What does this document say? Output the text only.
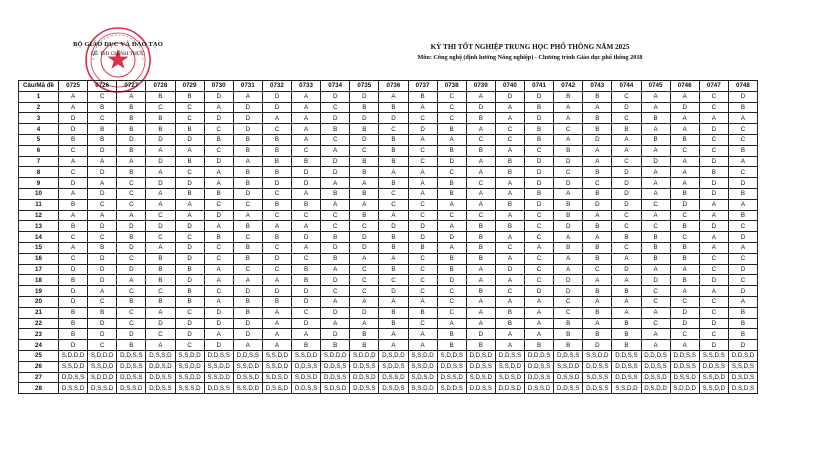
BỘ GIÁO DỤC VÀ ĐÀO TẠO
ĐỀ THI CHÍNH THỨC
KỲ THI TỐT NGHIỆP TRUNG HỌC PHỔ THÔNG NĂM 2025
Môn: Công nghệ (định hướng Nông nghiệp) - Chương trình Giáo dục phổ thông 2018
Câu/Mã đề	0725	0726	0727	0728	0729	0730	0731	0732	0733	0734	0735	0736	0737	0738	0739	0740	0741	0742	0743	0744	0745	0746	0747	0748
1	A	C	A	B	B	D	A	D	A	D	D	A	B	C	A	D	D	B	B	C	A	A	C	D
2	A	B	B	C	C	A	D	D	A	C	B	B	A	C	D	A	B	A	A	D	A	D	C	B
3	D	C	B	B	C	D	D	A	A	D	D	D	C	C	B	A	D	A	B	C	B	A	A	A
4	D	B	B	B	B	C	D	C	A	B	B	C	D	B	A	C	B	C	B	B	A	A	D	C
5	B	B	D	D	D	B	B	B	A	C	D	B	A	A	C	C	B	A	D	A	B	B	C	C
6	C	D	B	A	A	C	B	B	C	A	C	B	C	B	B	A	C	B	A	A	A	C	C	B
7	A	A	A	D	B	D	A	B	B	D	B	B	C	D	A	B	D	D	A	C	D	A	D	A
8	C	D	B	A	C	A	B	B	D	D	B	A	A	C	A	B	D	C	B	D	A	A	B	C
9	D	A	C	D	D	A	B	D	D	A	A	B	A	B	C	A	D	D	C	D	A	A	D	D
10	A	D	C	A	B	B	D	C	A	B	B	C	A	B	A	A	B	A	B	D	A	B	D	B
11	B	C	C	A	A	C	C	B	B	A	A	C	C	A	A	B	D	B	D	D	C	D	A	A
12	A	A	A	C	A	D	A	C	C	C	B	A	C	C	C	A	C	B	A	C	A	C	A	B
13	B	D	D	D	D	A	B	A	A	C	C	D	D	A	B	B	C	D	B	C	C	B	D	C
14	C	C	B	C	C	B	C	B	D	B	D	B	D	D	B	A	C	A	A	B	B	C	A	D
15	A	B	D	A	D	C	B	C	A	D	D	B	B	A	B	C	A	B	B	C	B	B	A	A
16	C	D	C	B	D	C	B	D	C	B	A	A	C	B	B	A	C	A	B	A	B	B	C	C
17	D	D	D	B	B	A	C	C	B	A	C	B	C	B	A	D	C	A	C	D	A	A	C	D
18	B	D	A	B	D	A	A	A	B	D	C	C	C	D	A	A	C	D	A	A	D	B	D	C
19	D	A	C	C	B	C	D	D	D	C	C	D	C	C	B	C	D	D	B	B	C	A	A	D
20	D	C	B	B	B	A	B	B	D	A	A	A	A	C	A	A	A	C	A	A	C	C	C	A
21	B	B	C	A	C	D	B	A	C	D	D	B	B	C	A	B	A	C	B	A	A	D	C	B
22	B	D	C	D	D	D	D	A	D	A	A	B	C	A	A	B	A	B	A	B	C	D	D	B
23	B	D	D	C	D	A	D	A	A	D	B	A	A	B	D	A	A	B	B	B	A	C	C	B
24	D	C	B	A	C	D	A	A	B	B	B	A	A	B	B	A	B	B	D	B	A	A	D	D
25	S,D,D,D	S,D,D,D	D,D,S,S	D,S,S,D	S,S,D,D	D,D,S,S	D,D,S,S	S,S,D,D	S,S,D,D	S,D,D,D	S,D,D,D	D,S,D,D	S,S,D,D	S,D,D,S	D,D,S,D	D,D,S,S	D,D,D,S	D,D,S,S	S,S,D,D	D,D,S,S	D,D,D,S	D,D,S,S	S,S,D,S	D,D,S,D
26	S,S,D,D	S,S,D,D	D,D,S,S	D,D,S,D	S,S,D,D	S,S,D,D	S,S,D,D	S,S,D,D	D,D,S,S	D,D,S,S	D,D,S,S	S,D,D,S	S,S,D,D	D,D,S,S	D,D,S,S	S,S,D,D	D,D,S,S	S,S,D,D	D,D,S,S	D,D,S,S	D,D,S,S	D,D,S,S	D,D,S,S	S,S,D,S
27	D,D,S,S	S,D,D,D	D,D,S,S	D,D,S,S	S,S,D,D	S,S,D,D	D,S,S,D	S,D,S,D	S,D,S,D	D,D,S,S	D,D,S,D	D,S,S,D	S,D,S,D	D,S,S,D	S,D,S,D	S,D,S,D	D,D,S,S	D,S,S,D	S,D,S,S	D,D,S,S	D,S,S,D	D,S,S,D	S,S,D,D	D,S,D,S
28	D,S,S,D	D,S,S,D	D,S,S,D	D,D,S,S	S,S,S,D	D,D,S,S	S,S,D,D	D,S,S,D	D,D,S,S	S,D,S,D	D,D,S,S	D,S,D,S	S,S,D,D	S,D,D,S	D,D,S,S	D,D,S,D	D,S,S,D	D,D,S,S	D,D,S,S	S,S,D,D	D,S,D,D	S,D,D,D	S,S,D,D	D,S,D,S
